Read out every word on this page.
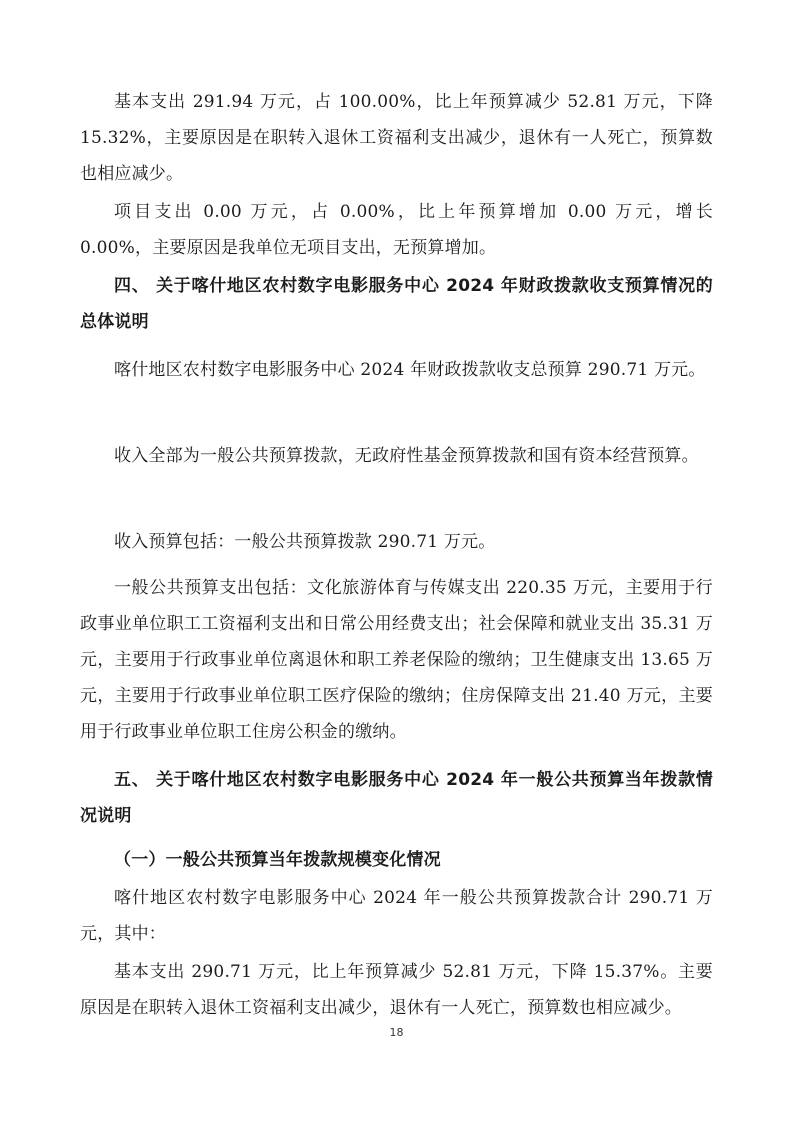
基本支出 291.94 万元，占 100.00%，比上年预算减少 52.81 万元，下降 15.32%，主要原因是在职转入退休工资福利支出减少，退休有一人死亡，预算数也相应减少。

项目支出 0.00 万元，占 0.00%，比上年预算增加 0.00 万元，增长 0.00%，主要原因是我单位无项目支出，无预算增加。

四、 关于喀什地区农村数字电影服务中心 2024 年财政拨款收支预算情况的总体说明

喀什地区农村数字电影服务中心 2024 年财政拨款收支总预算 290.71 万元。

收入全部为一般公共预算拨款，无政府性基金预算拨款和国有资本经营预算。

收入预算包括：一般公共预算拨款 290.71 万元。

一般公共预算支出包括：文化旅游体育与传媒支出 220.35 万元，主要用于行政事业单位职工工资福利支出和日常公用经费支出；社会保障和就业支出 35.31 万元，主要用于行政事业单位离退休和职工养老保险的缴纳；卫生健康支出 13.65 万元，主要用于行政事业单位职工医疗保险的缴纳；住房保障支出 21.40 万元，主要用于行政事业单位职工住房公积金的缴纳。

五、 关于喀什地区农村数字电影服务中心 2024 年一般公共预算当年拨款情况说明

（一）一般公共预算当年拨款规模变化情况

喀什地区农村数字电影服务中心 2024 年一般公共预算拨款合计 290.71 万元，其中：

基本支出 290.71 万元，比上年预算减少 52.81 万元，下降 15.37%。主要原因是在职转入退休工资福利支出减少，退休有一人死亡，预算数也相应减少。

18
